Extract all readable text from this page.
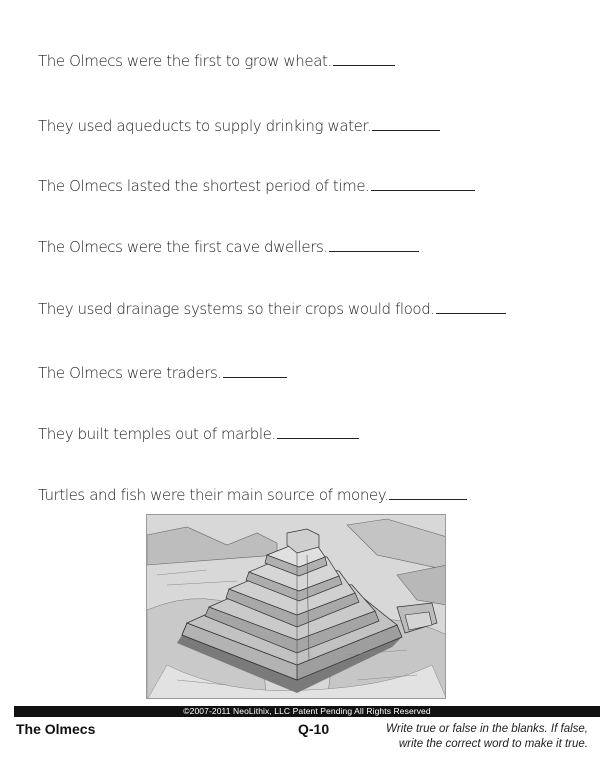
The Olmecs were the first to grow wheat.
They used aqueducts to supply drinking water.
The Olmecs lasted the shortest period of time.
The Olmecs were the first cave dwellers.
They used drainage systems so their crops would flood.
The Olmecs were traders.
They built temples out of marble.
Turtles and fish were their main source of money.
©2007-2011 NeoLithix, LLC Patent Pending All Rights Reserved
The Olmecs	Q-10	Write true or false in the blanks. If false,
write the correct word to make it true.
